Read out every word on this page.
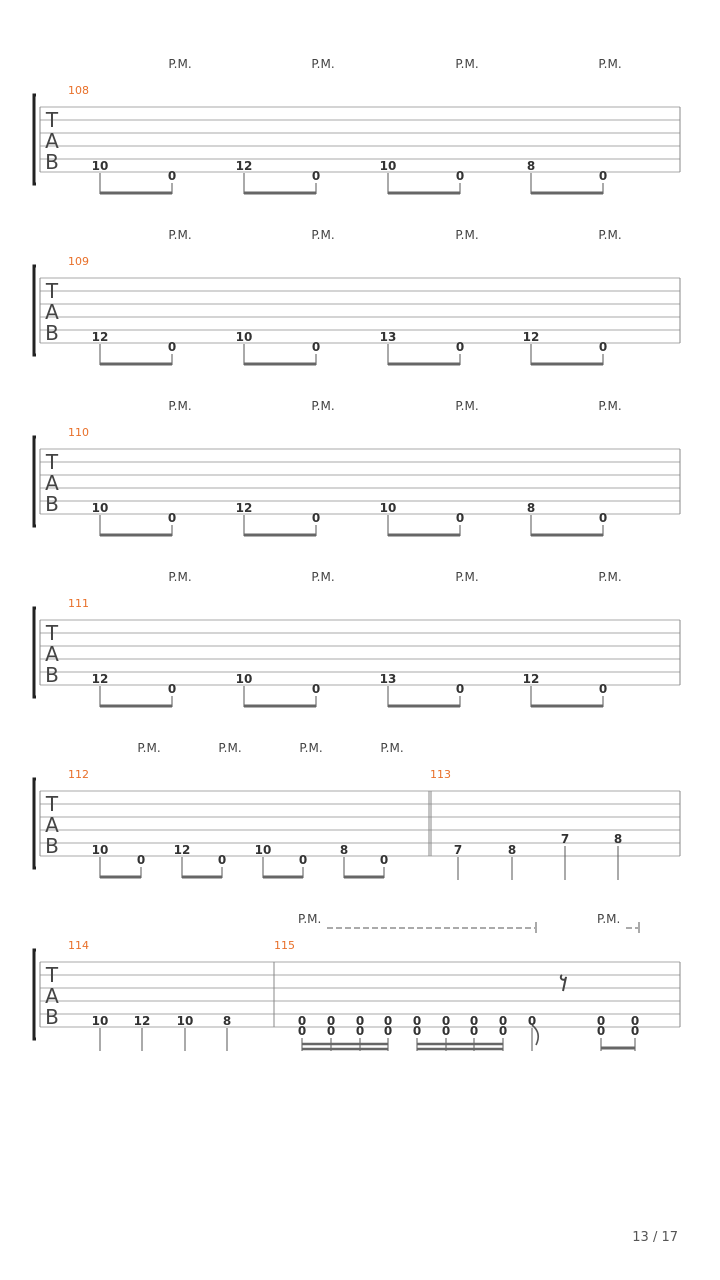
T
A
B
108
P.M.	P.M.	P.M.	P.M.
10
0
12
0
10
0
8
0
T
A
B
109
P.M.	P.M.	P.M.	P.M.
12
0
10
0
13
0
12
0
T
A
B
110
P.M.	P.M.	P.M.	P.M.
10
0
12
0
10
0
8
0
T
A
B
111
P.M.	P.M.	P.M.	P.M.
12
0
10
0
13
0
12
0
T
A
B
112
P.M.	P.M.	P.M.	P.M.
10
0
12
0
10
0
8
0
113
7	8
7	8
T
A
B
114
10 12 10 8
115
P.M.	P.M.
0
0
0
0
0
0
0
0
0
0
0
0
0
0
0
0
0	0
0
0
0
13 / 17
